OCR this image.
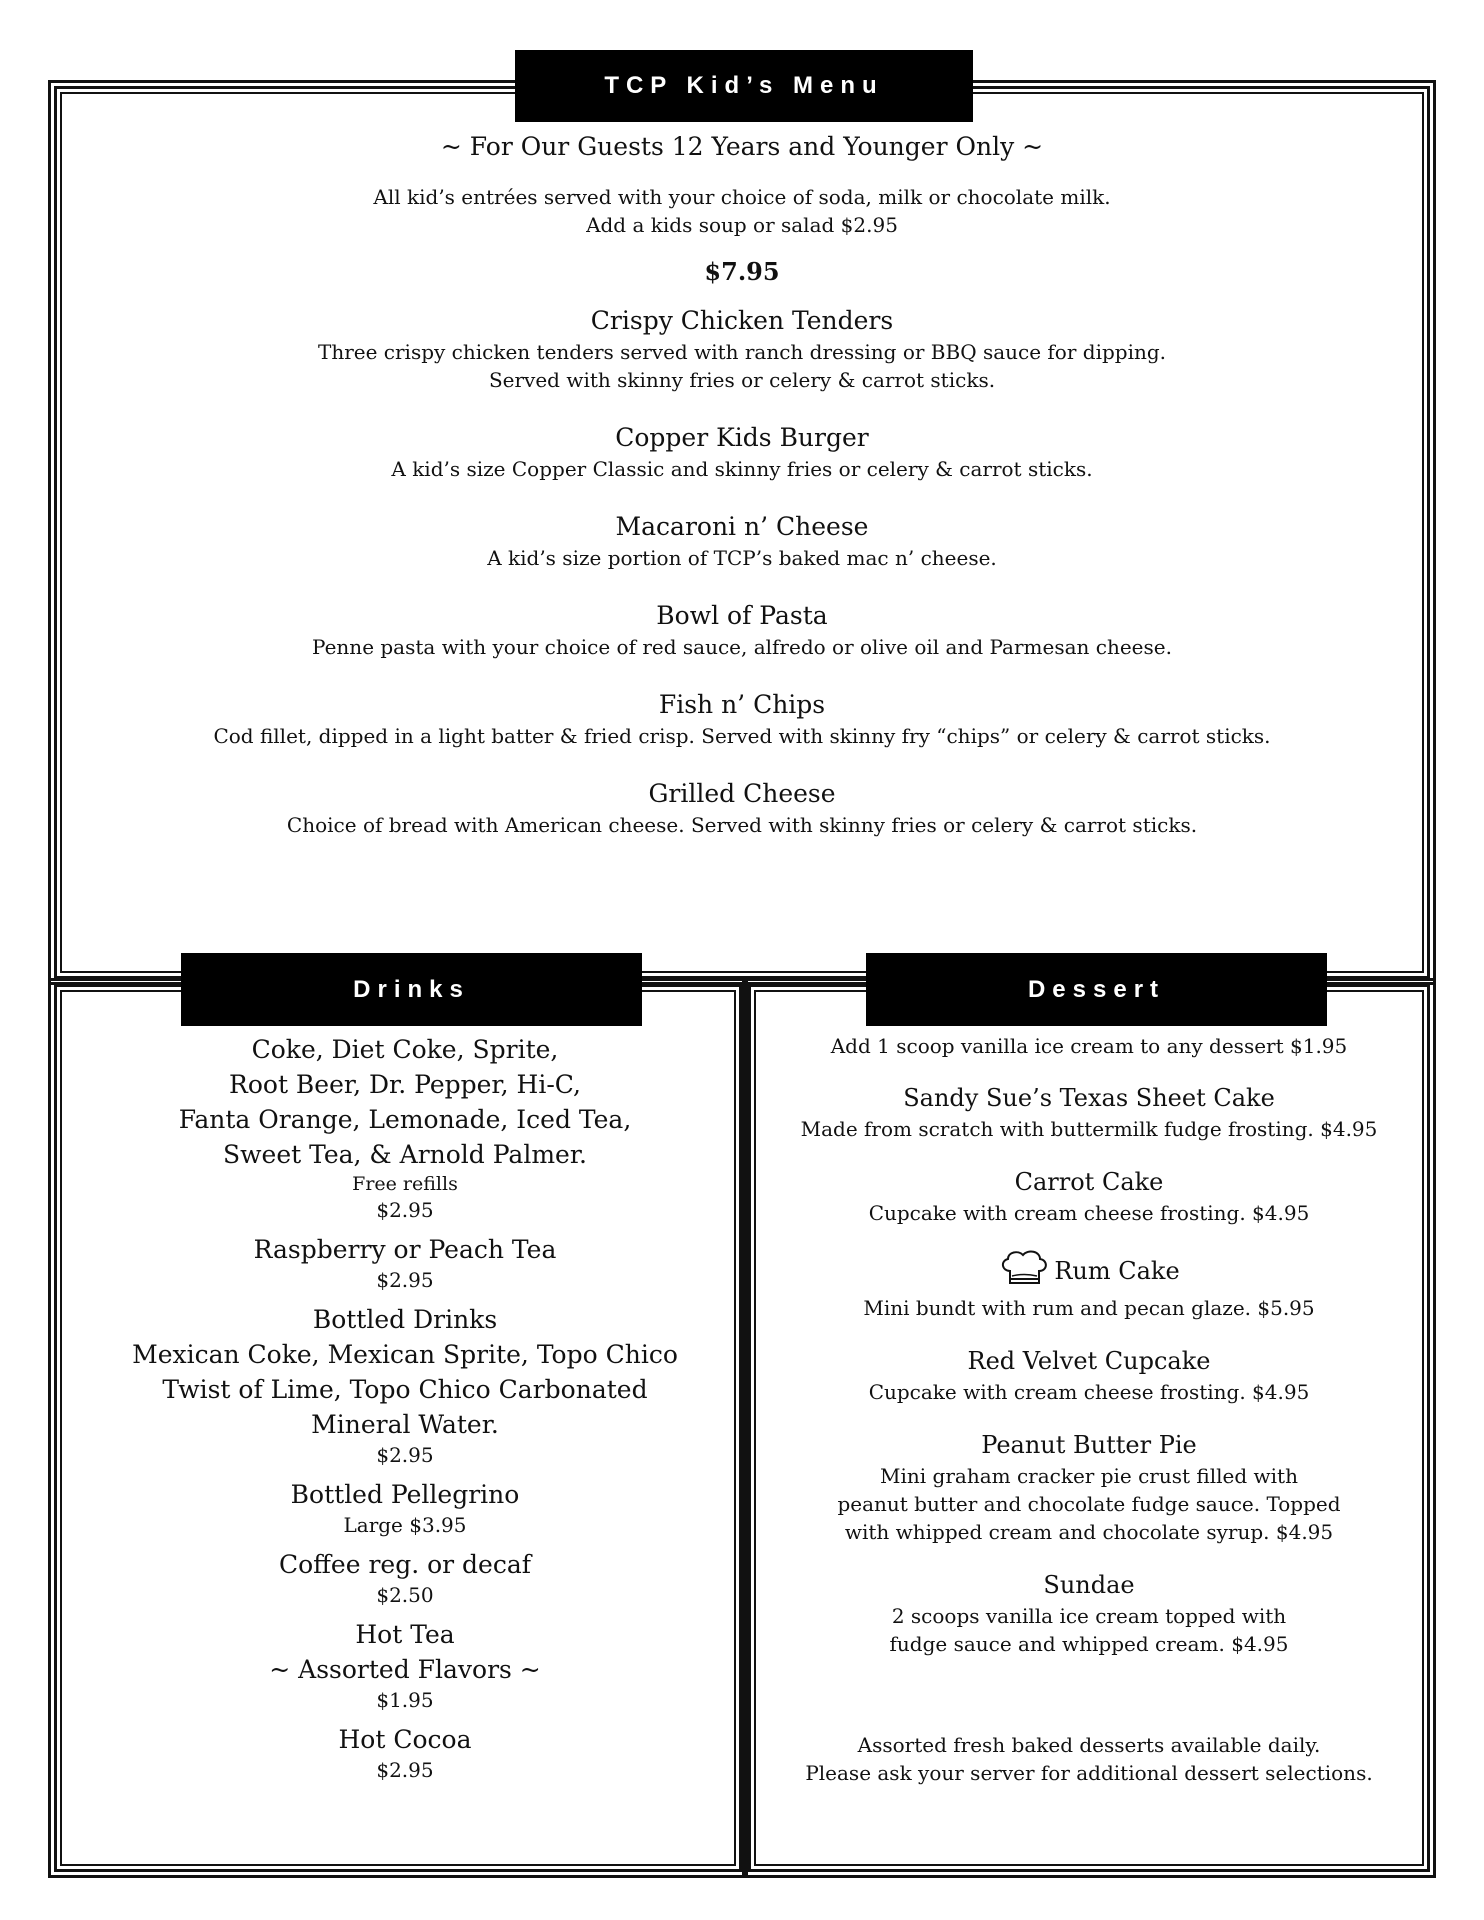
TCP Kid’s Menu
Drinks	Dessert
~ For Our Guests 12 Years and Younger Only ~
All kid’s entrées served with your choice of soda, milk or chocolate milk.
Add a kids soup or salad $2.95
$7.95
Crispy Chicken Tenders
Three crispy chicken tenders served with ranch dressing or BBQ sauce for dipping.
Served with skinny fries or celery & carrot sticks.
Copper Kids Burger
A kid’s size Copper Classic and skinny fries or celery & carrot sticks.
Macaroni n’ Cheese
A kid’s size portion of TCP’s baked mac n’ cheese.
Bowl of Pasta
Penne pasta with your choice of red sauce, alfredo or olive oil and Parmesan cheese.
Fish n’ Chips
Cod fillet, dipped in a light batter & fried crisp. Served with skinny fry “chips” or celery & carrot sticks.
Grilled Cheese
Choice of bread with American cheese. Served with skinny fries or celery & carrot sticks.
Coke, Diet Coke, Sprite,
Root Beer, Dr. Pepper, Hi-C,
Fanta Orange, Lemonade, Iced Tea,
Sweet Tea, & Arnold Palmer.
Free refills
$2.95
Raspberry or Peach Tea
$2.95
Bottled Drinks
Mexican Coke, Mexican Sprite, Topo Chico
Twist of Lime, Topo Chico Carbonated
Mineral Water.
$2.95
Bottled Pellegrino
Large $3.95
Coffee reg. or decaf
$2.50
Hot Tea
~ Assorted Flavors ~
$1.95
Hot Cocoa
$2.95
Add 1 scoop vanilla ice cream to any dessert $1.95
Sandy Sue’s Texas Sheet Cake
Made from scratch with buttermilk fudge frosting. $4.95
Carrot Cake
Cupcake with cream cheese frosting. $4.95
Rum Cake
Mini bundt with rum and pecan glaze. $5.95
Red Velvet Cupcake
Cupcake with cream cheese frosting. $4.95
Peanut Butter Pie
Mini graham cracker pie crust filled with
peanut butter and chocolate fudge sauce. Topped
with whipped cream and chocolate syrup. $4.95
Sundae
2 scoops vanilla ice cream topped with
fudge sauce and whipped cream. $4.95
Assorted fresh baked desserts available daily.
Please ask your server for additional dessert selections.
